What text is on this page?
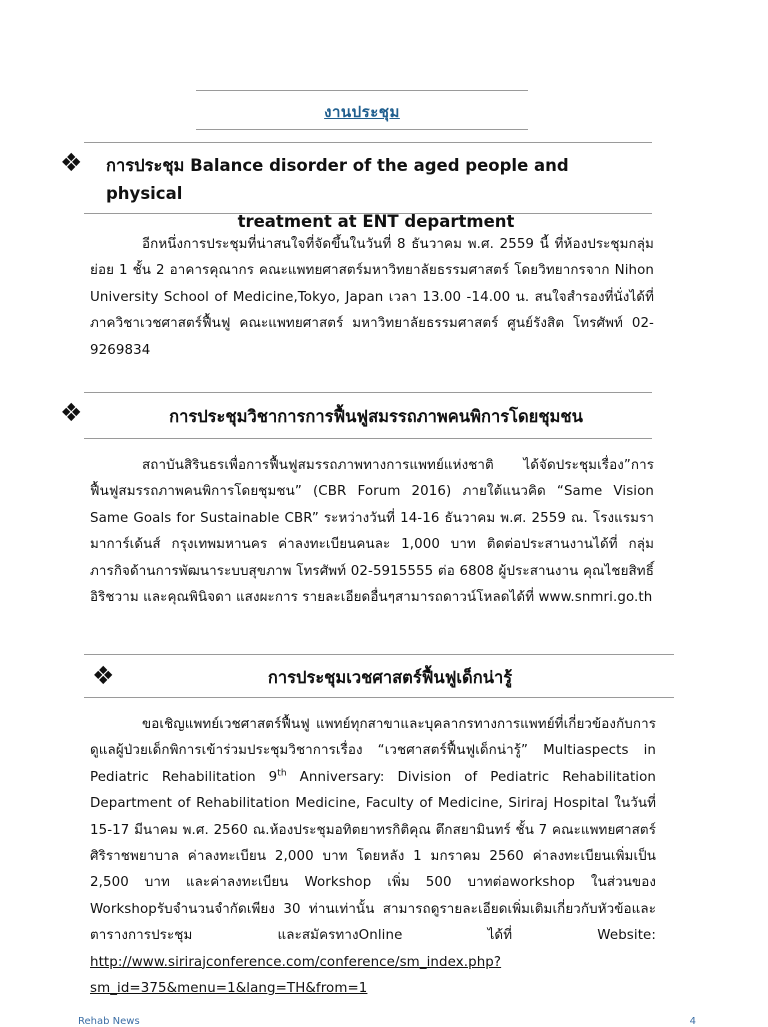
งานประชุม
❖ การประชุม Balance disorder of the aged people and physical
treatment at ENT department

อีกหนึ่งการประชุมที่น่าสนใจที่จัดขึ้นในวันที่ 8 ธันวาคม พ.ศ. 2559 นี้ ที่ห้องประชุมกลุ่มย่อย 1 ชั้น 2 อาคารคุณากร คณะแพทยศาสตร์มหาวิทยาลัยธรรมศาสตร์ โดยวิทยากรจาก Nihon University School of Medicine,Tokyo, Japan เวลา 13.00 -14.00 น. สนใจสำรองที่นั่งได้ที่ ภาควิชาเวชศาสตร์ฟื้นฟู คณะแพทยศาสตร์ มหาวิทยาลัยธรรมศาสตร์ ศูนย์รังสิต โทรศัพท์ 02-9269834

❖	การประชุมวิชาการการฟื้นฟูสมรรถภาพคนพิการโดยชุมชน

สถาบันสิรินธรเพื่อการฟื้นฟูสมรรถภาพทางการแพทย์แห่งชาติ ได้จัดประชุมเรื่อง”การฟื้นฟูสมรรถภาพคนพิการโดยชุมชน” (CBR Forum 2016) ภายใต้แนวคิด “Same Vision Same Goals for Sustainable CBR” ระหว่างวันที่ 14-16 ธันวาคม พ.ศ. 2559 ณ. โรงแรมรามาการ์เด้นส์ กรุงเทพมหานคร ค่าลงทะเบียนคนละ 1,000 บาท ติดต่อประสานงานได้ที่ กลุ่มภารกิจด้านการพัฒนาระบบสุขภาพ โทรศัพท์ 02-5915555 ต่อ 6808 ผู้ประสานงาน คุณไชยสิทธิ์ อิริชวาม และคุณพินิจดา แสงผะการ รายละเอียดอื่นๆสามารถดาวน์โหลดได้ที่ www.snmri.go.th

❖	การประชุมเวชศาสตร์ฟื้นฟูเด็กน่ารู้

ขอเชิญแพทย์เวชศาสตร์ฟื้นฟู แพทย์ทุกสาขาและบุคลากรทางการแพทย์ที่เกี่ยวข้องกับการดูแลผู้ป่วยเด็กพิการเข้าร่วมประชุมวิชาการเรื่อง “เวชศาสตร์ฟื้นฟูเด็กน่ารู้” Multiaspects in Pediatric Rehabilitation 9th Anniversary: Division of Pediatric Rehabilitation Department of Rehabilitation Medicine, Faculty of Medicine, Siriraj Hospital ในวันที่ 15-17 มีนาคม พ.ศ. 2560 ณ.ห้องประชุมอทิตยาทรกิติคุณ ตึกสยามินทร์ ชั้น 7 คณะแพทยศาสตร์ศิริราชพยาบาล ค่าลงทะเบียน 2,000 บาท โดยหลัง 1 มกราคม 2560 ค่าลงทะเบียนเพิ่มเป็น 2,500 บาท และค่าลงทะเบียน Workshop เพิ่ม 500 บาทต่อworkshop ในส่วนของ Workshopรับจำนวนจำกัดเพียง 30 ท่านเท่านั้น สามารถดูรายละเอียดเพิ่มเติมเกี่ยวกับหัวข้อและตารางการประชุม และสมัครทางOnline ได้ที่ Website: http://www.sirirajconference.com/conference/sm_index.php?sm_id=375&menu=1&lang=TH&from=1

Rehab News	4
